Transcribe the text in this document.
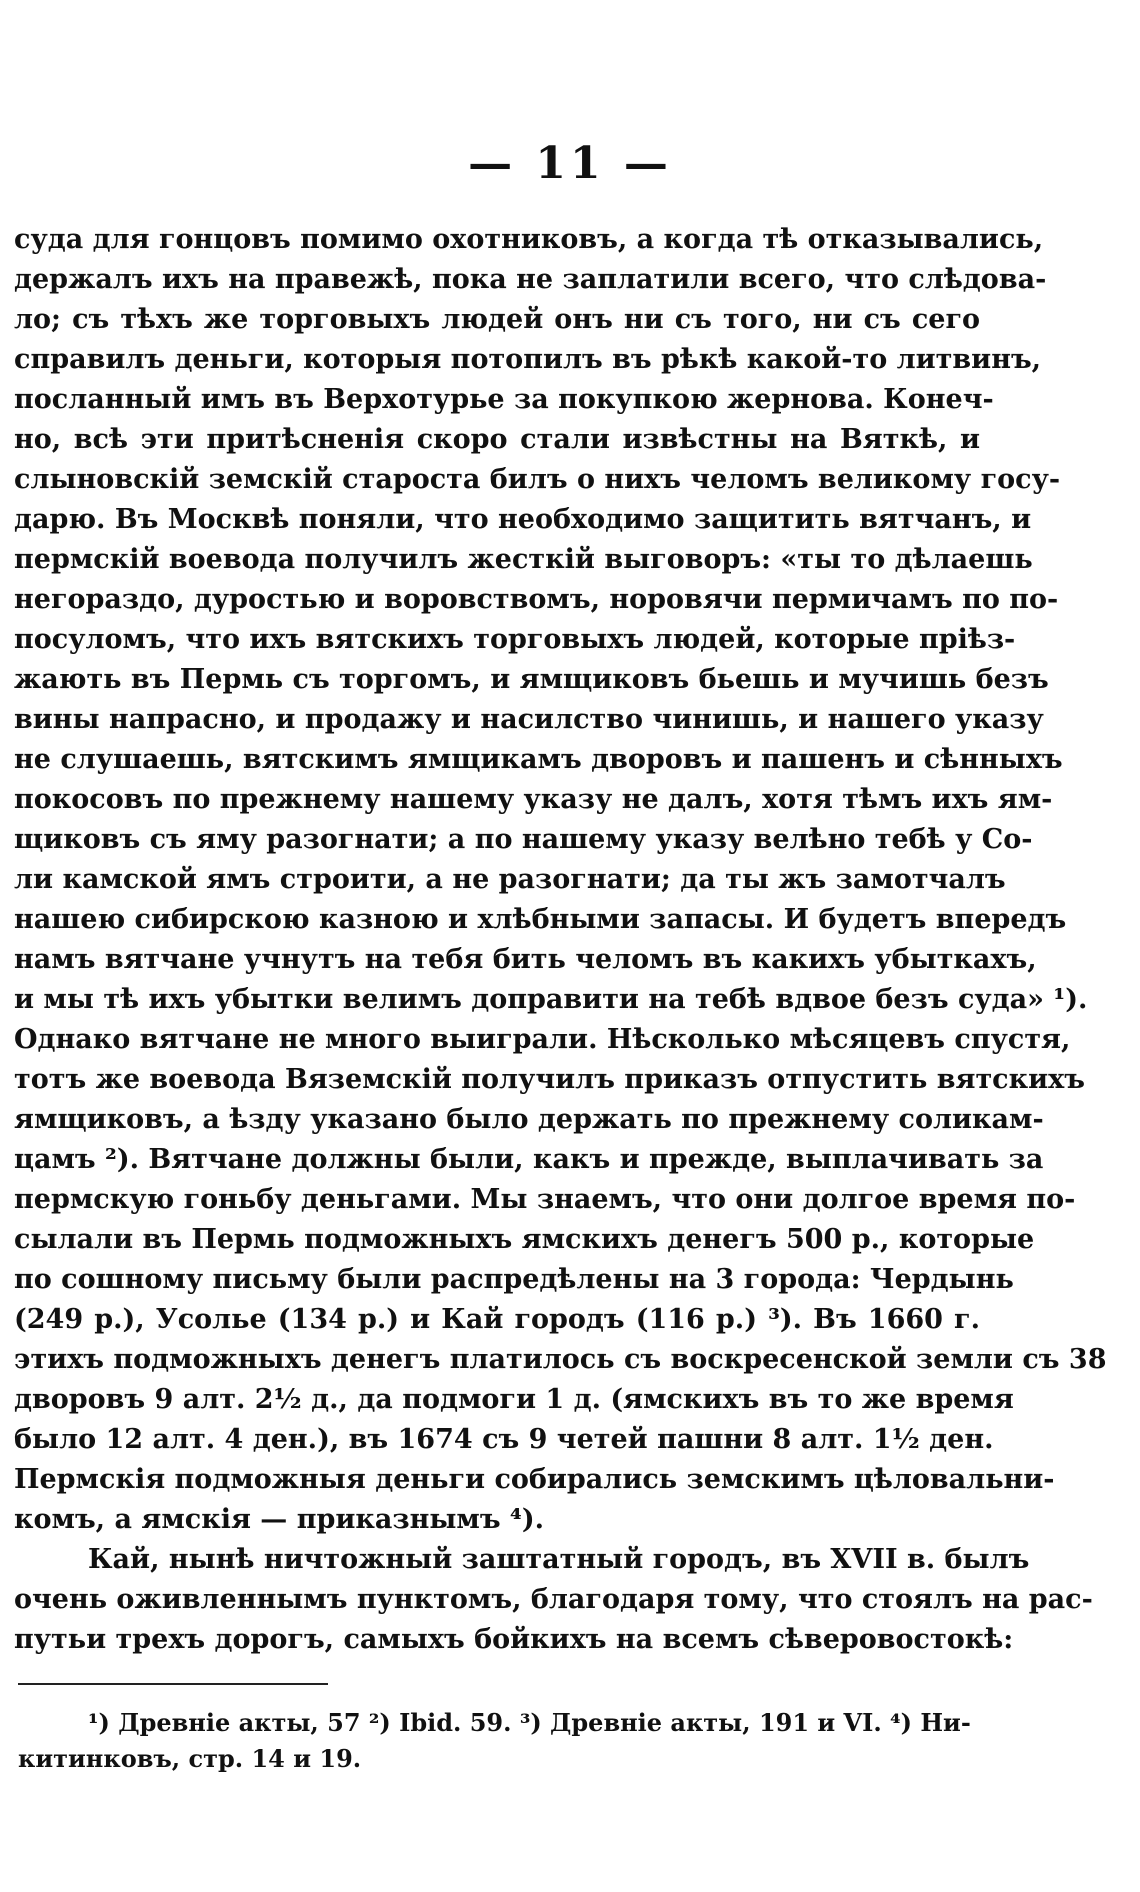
— 11 —
суда для гонцовъ помимо охотниковъ, а когда тѣ отказывались,
держалъ ихъ на правежѣ, пока не заплатили всего, что слѣдова-
ло; съ тѣхъ же торговыхъ людей онъ ни съ того, ни съ сего
справилъ деньги, которыя потопилъ въ рѣкѣ какой-то литвинъ,
посланный имъ въ Верхотурье за покупкою жернова. Конеч-
но, всѣ эти притѣсненія скоро стали извѣстны на Вяткѣ, и
слыновскій земскій староста билъ о нихъ челомъ великому госу-
дарю. Въ Москвѣ поняли, что необходимо защитить вятчанъ, и
пермскій воевода получилъ жесткій выговоръ: «ты то дѣлаешь
негораздо, дуростью и воровствомъ, норовячи пермичамъ по по-
посуломъ, что ихъ вятскихъ торговыхъ людей, которые пріѣз-
жають въ Пермь съ торгомъ, и ямщиковъ бьешь и мучишь безъ
вины напрасно, и продажу и насилство чинишь, и нашего указу
не слушаешь, вятскимъ ямщикамъ дворовъ и пашенъ и сѣнныхъ
покосовъ по прежнему нашему указу не далъ, хотя тѣмъ ихъ ям-
щиковъ съ яму разогнати; а по нашему указу велѣно тебѣ у Со-
ли камской ямъ строити, а не разогнати; да ты жъ замотчалъ
нашею сибирскою казною и хлѣбными запасы. И будетъ впередъ
намъ вятчане учнутъ на тебя бить челомъ въ какихъ убыткахъ,
и мы тѣ ихъ убытки велимъ доправити на тебѣ вдвое безъ суда» ¹).
Однако вятчане не много выиграли. Нѣсколько мѣсяцевъ спустя,
тотъ же воевода Вяземскій получилъ приказъ отпустить вятскихъ
ямщиковъ, а ѣзду указано было держать по прежнему соликам-
цамъ ²). Вятчане должны были, какъ и прежде, выплачивать за
пермскую гоньбу деньгами. Мы знаемъ, что они долгое время по-
сылали въ Пермь подможныхъ ямскихъ денегъ 500 р., которые
по сошному письму были распредѣлены на 3 города: Чердынь
(249 р.), Усолье (134 р.) и Кай городъ (116 р.) ³). Въ 1660 г.
этихъ подможныхъ денегъ платилось съ воскресенской земли съ 38
дворовъ 9 алт. 2½ д., да подмоги 1 д. (ямскихъ въ то же время
было 12 алт. 4 ден.), въ 1674 съ 9 четей пашни 8 алт. 1½ ден.
Пермскія подможныя деньги собирались земскимъ цѣловальни-
комъ, а ямскія — приказнымъ ⁴).
Кай, нынѣ ничтожный заштатный городъ, въ XVII в. былъ
очень оживленнымъ пунктомъ, благодаря тому, что стоялъ на рас-
путьи трехъ дорогъ, самыхъ бойкихъ на всемъ сѣверовостокѣ:
¹) Древніе акты, 57 ²) Ibid. 59. ³) Древніе акты, 191 и VI. ⁴) Ни-
китинковъ, стр. 14 и 19.
